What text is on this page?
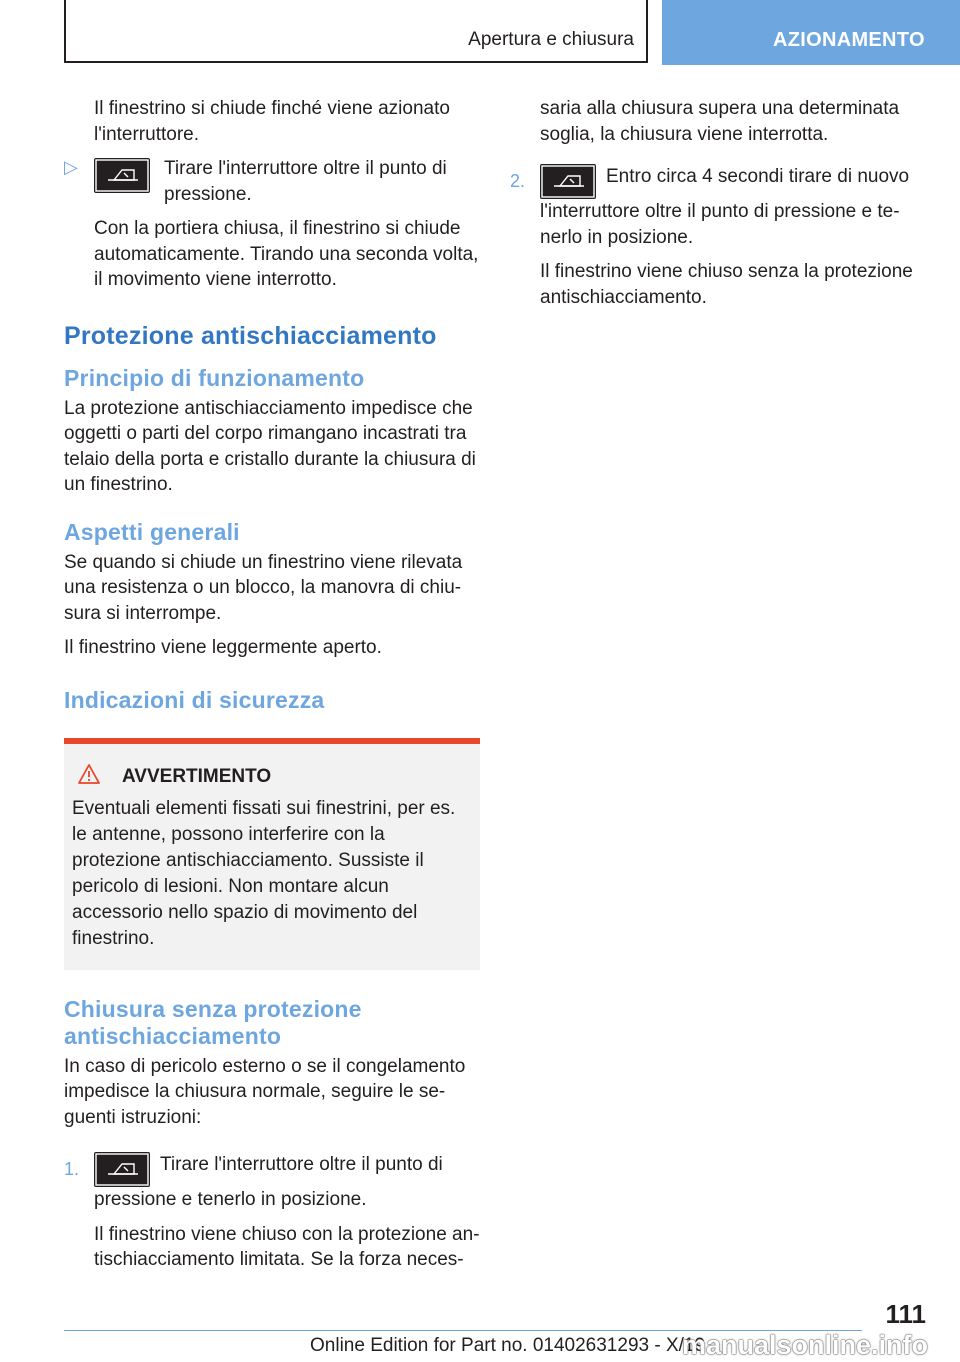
Apertura e chiusura	AZIONAMENTO

Il finestrino si chiude finché viene azionato l'interruttore.

▷	Tirare l'interruttore oltre il punto di pressione.

Con la portiera chiusa, il finestrino si chiude automaticamente. Tirando una seconda volta, il movimento viene interrotto.

Protezione antischiacciamento
Principio di funzionamento

La protezione antischiacciamento impedisce che oggetti o parti del corpo rimangano incastrati tra telaio della porta e cristallo durante la chiusura di un finestrino.

Aspetti generali

Se quando si chiude un finestrino viene rilevata una resistenza o un blocco, la manovra di chiusura si interrompe.

Il finestrino viene leggermente aperto.

Indicazioni di sicurezza
AVVERTIMENTO

Eventuali elementi fissati sui finestrini, per es. le antenne, possono interferire con la protezione antischiacciamento. Sussiste il pericolo di lesioni. Non montare alcun accessorio nello spazio di movimento del finestrino.

Chiusura senza protezione antischiacciamento

In caso di pericolo esterno o se il congelamento impedisce la chiusura normale, seguire le seguenti istruzioni:

1.	Tirare l'interruttore oltre il punto di pressione e tenerlo in posizione.

Il finestrino viene chiuso con la protezione antischiacciamento limitata. Se la forza neces-

saria alla chiusura supera una determinata soglia, la chiusura viene interrotta.

2.	Entro circa 4 secondi tirare di nuovo l'interruttore oltre il punto di pressione e tenerlo in posizione.

Il finestrino viene chiuso senza la protezione antischiacciamento.

111
Online Edition for Part no. 01402631293 - X/19
manualsonline.info
